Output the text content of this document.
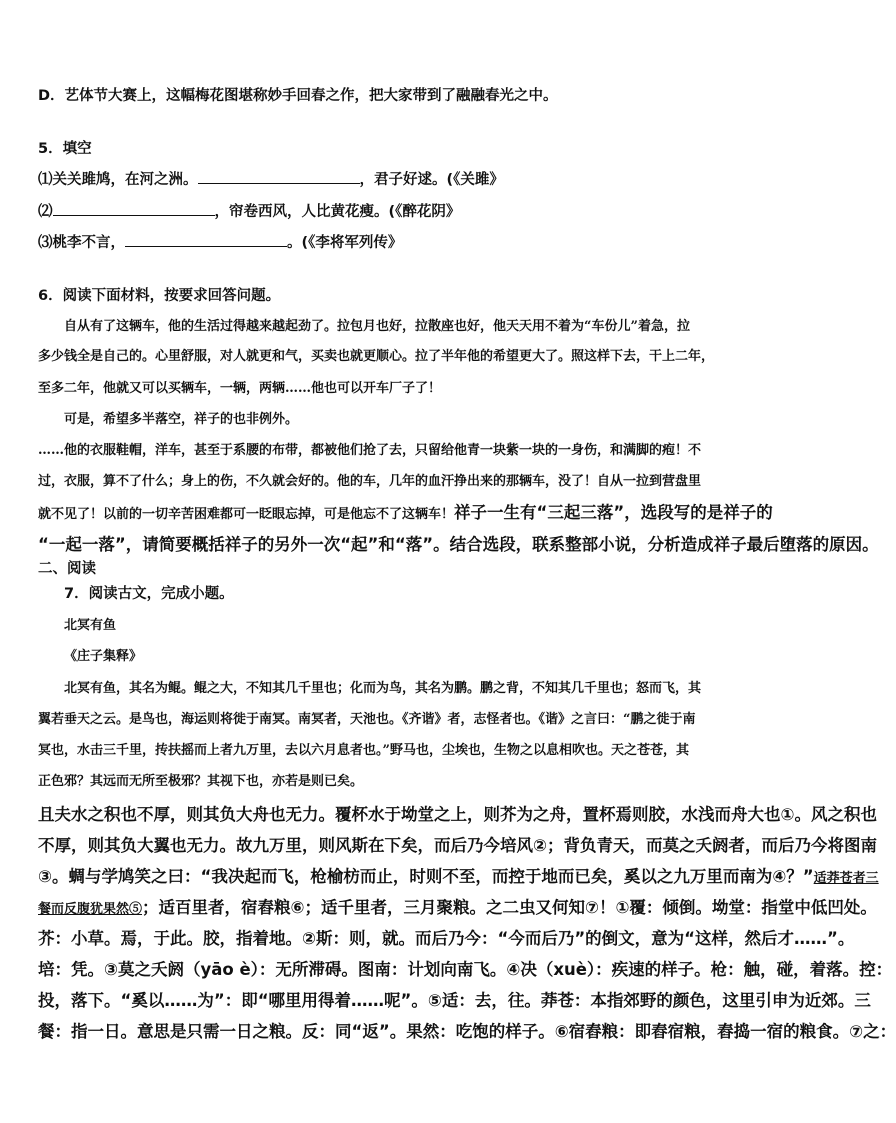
D．艺体节大赛上，这幅梅花图堪称妙手回春之作，把大家带到了融融春光之中。
5．填空
⑴关关雎鸠，在河之洲。	，君子好逑。(《关雎》
⑵	，帘卷西风，人比黄花瘦。(《醉花阴》
⑶桃李不言，	。(《李将军列传》
6．阅读下面材料，按要求回答问题。
自从有了这辆车，他的生活过得越来越起劲了。拉包月也好，拉散座也好，他天天用不着为“车份儿”着急，拉
多少钱全是自己的。心里舒服，对人就更和气，买卖也就更顺心。拉了半年他的希望更大了。照这样下去，干上二年，
至多二年，他就又可以买辆车，一辆，两辆……他也可以开车厂子了！
可是，希望多半落空，祥子的也非例外。
……他的衣服鞋帽，洋车，甚至于系腰的布带，都被他们抢了去，只留给他青一块紫一块的一身伤，和满脚的疱！不
过，衣服，算不了什么；身上的伤，不久就会好的。他的车，几年的血汗挣出来的那辆车，没了！自从一拉到营盘里
就不见了！以前的一切辛苦困难都可一眨眼忘掉，可是他忘不了这辆车！祥子一生有“三起三落”，选段写的是祥子的
“一起一落”，请简要概括祥子的另外一次“起”和“落”。结合选段，联系整部小说，分析造成祥子最后堕落的原因。
二、阅读
7．阅读古文，完成小题。
北冥有鱼
《庄子集释》
北冥有鱼，其名为鲲。鲲之大，不知其几千里也；化而为鸟，其名为鹏。鹏之背，不知其几千里也；怒而飞，其
翼若垂天之云。是鸟也，海运则将徙于南冥。南冥者，天池也。《齐谐》者，志怪者也。《谐》之言曰：“鹏之徙于南
冥也，水击三千里，抟扶摇而上者九万里，去以六月息者也。”野马也，尘埃也，生物之以息相吹也。天之苍苍，其
正色邪？其远而无所至极邪？其视下也，亦若是则已矣。
且夫水之积也不厚，则其负大舟也无力。覆杯水于坳堂之上，则芥为之舟，置杯焉则胶，水浅而舟大也①。风之积也
不厚，则其负大翼也无力。故九万里，则风斯在下矣，而后乃今培风②；背负青天，而莫之夭阏者，而后乃今将图南
③。蜩与学鸠笑之曰：“我决起而飞，枪榆枋而止，时则不至，而控于地而已矣，奚以之九万里而南为④？”适莽苍者三
餐而反腹犹果然⑤；适百里者，宿舂粮⑥；适千里者，三月聚粮。之二虫又何知⑦！①覆：倾倒。坳堂：指堂中低凹处。
芥：小草。焉，于此。胶，指着地。②斯：则，就。而后乃今：“今而后乃”的倒文，意为“这样，然后才……”。
培：凭。③莫之夭阏（yāo è）：无所滞碍。图南：计划向南飞。④决（xuè）：疾速的样子。枪：触，碰，着落。控：
投，落下。“奚以……为”：即“哪里用得着……呢”。⑤适：去，往。莽苍：本指郊野的颜色，这里引申为近郊。三
餐：指一日。意思是只需一日之粮。反：同“返”。果然：吃饱的样子。⑥宿舂粮：即舂宿粮，舂捣一宿的粮食。⑦之：
